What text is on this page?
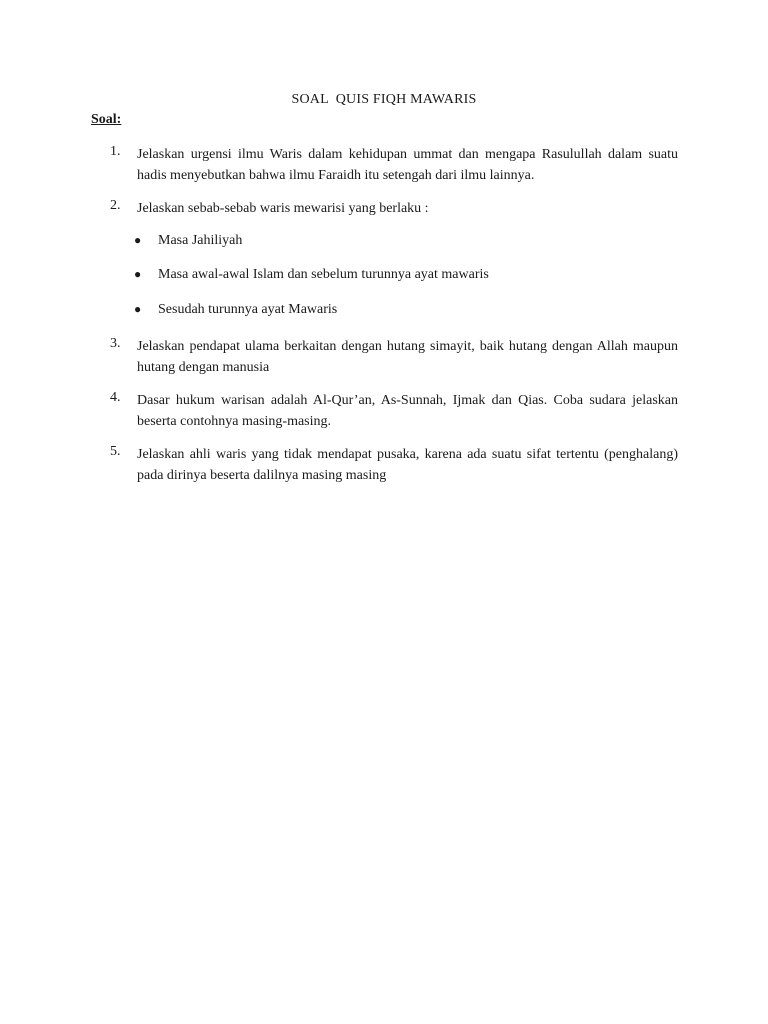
SOAL  QUIS FIQH MAWARIS
Soal:
1.	Jelaskan urgensi ilmu Waris dalam kehidupan ummat dan mengapa Rasulullah dalam suatu hadis menyebutkan bahwa ilmu Faraidh itu setengah dari ilmu lainnya.
2.	Jelaskan sebab-sebab waris mewarisi yang berlaku :
● Masa Jahiliyah
● Masa awal-awal Islam dan sebelum turunnya ayat mawaris
● Sesudah turunnya ayat Mawaris
3.	Jelaskan pendapat ulama berkaitan dengan hutang simayit, baik hutang dengan Allah maupun hutang dengan manusia
4.	Dasar hukum warisan adalah Al-Qur’an, As-Sunnah, Ijmak dan Qias. Coba sudara jelaskan beserta contohnya masing-masing.
5.	Jelaskan ahli waris yang tidak mendapat pusaka, karena ada suatu sifat tertentu (penghalang) pada dirinya beserta dalilnya masing masing
